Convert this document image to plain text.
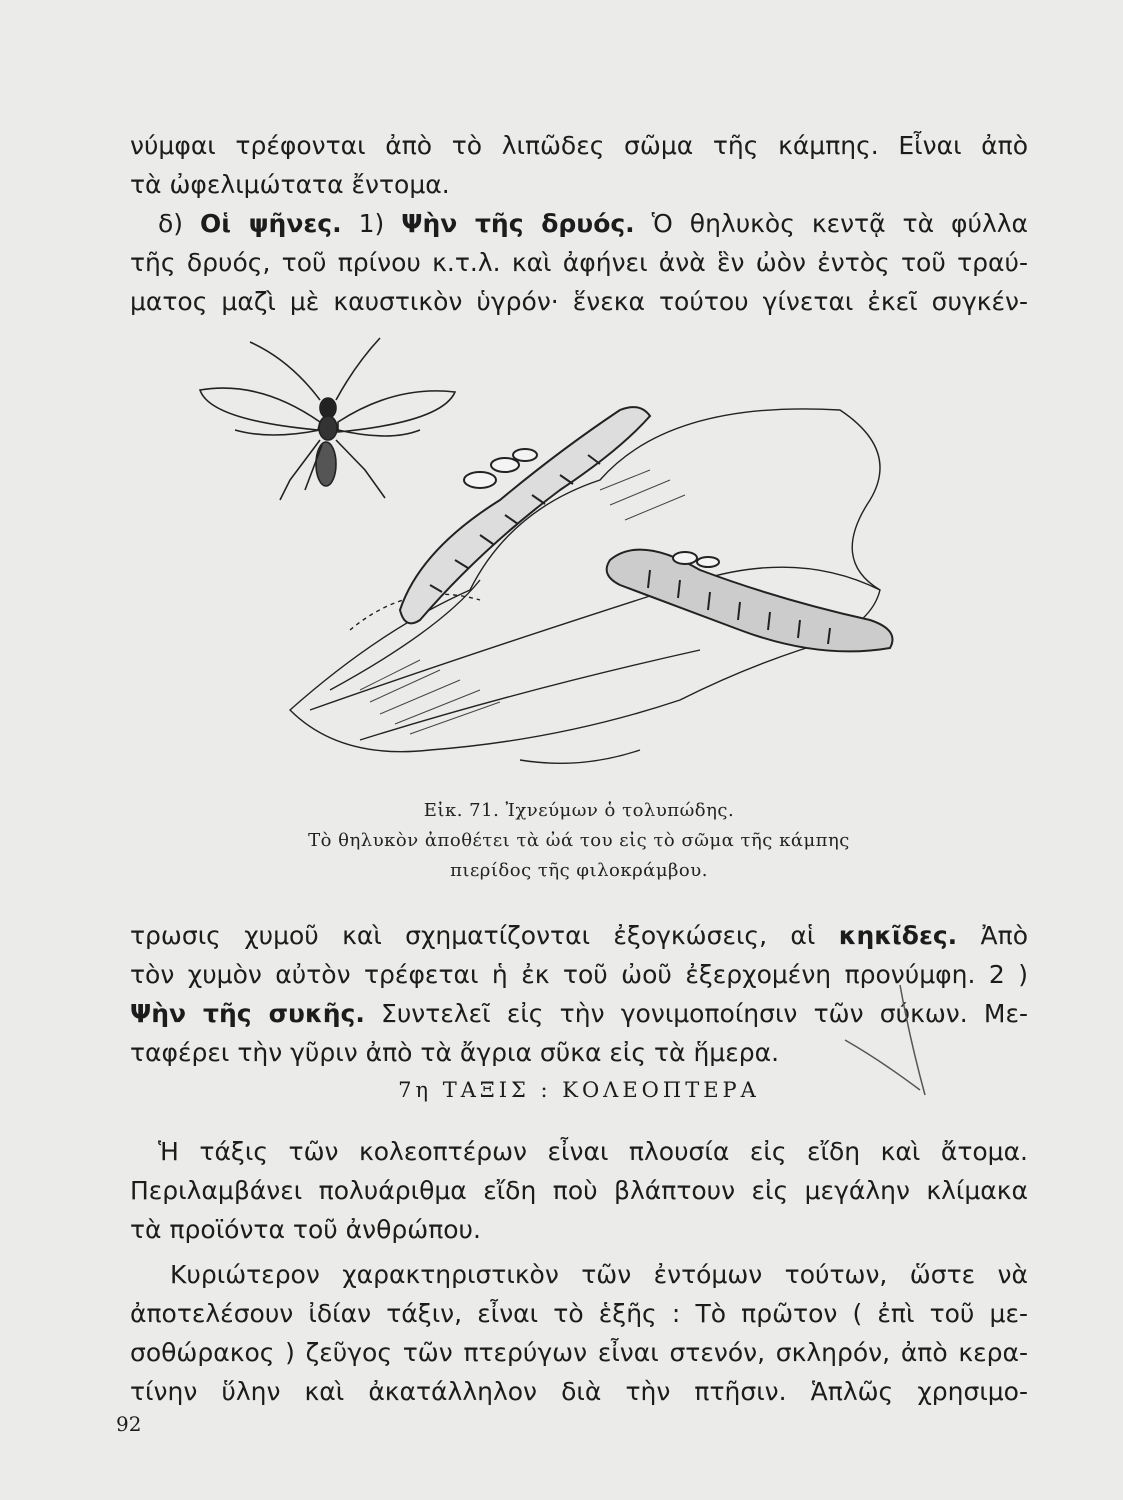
νύμφαι τρέφονται ἀπὸ τὸ λιπῶδες σῶμα τῆς κάμπης. Εἶναι ἀπὸ
τὰ ὠφελιμώτατα ἔντομα.
δ) Οἱ ψῆνες. 1) Ψὴν τῆς δρυός. Ὁ θηλυκὸς κεντᾷ τὰ φύλλα
τῆς δρυός, τοῦ πρίνου κ.τ.λ. καὶ ἀφήνει ἀνὰ ἓν ὠὸν ἐντὸς τοῦ τραύ-
ματος μαζὶ μὲ καυστικὸν ὑγρόν· ἕνεκα τούτου γίνεται ἐκεῖ συγκέν-
Εἰκ. 71. Ἰχνεύμων ὁ τολυπώδης.
Τὸ θηλυκὸν ἀποθέτει τὰ ὠά του εἰς τὸ σῶμα τῆς κάμπης
πιερίδος τῆς φιλοκράμβου.
τρωσις χυμοῦ καὶ σχηματίζονται ἐξογκώσεις, αἱ κηκῖδες. Ἀπὸ
τὸν χυμὸν αὐτὸν τρέφεται ἡ ἐκ τοῦ ὠοῦ ἐξερχομένη προνύμφη. 2 )
Ψὴν τῆς συκῆς. Συντελεῖ εἰς τὴν γονιμοποίησιν τῶν σύκων. Με-
ταφέρει τὴν γῦριν ἀπὸ τὰ ἄγρια σῦκα εἰς τὰ ἥμερα.
7η ΤΑΞΙΣ : ΚΟΛΕΟΠΤΕΡΑ
Ἡ τάξις τῶν κολεοπτέρων εἶναι πλουσία εἰς εἴδη καὶ ἄτομα.
Περιλαμβάνει πολυάριθμα εἴδη ποὺ βλάπτουν εἰς μεγάλην κλίμακα
τὰ προϊόντα τοῦ ἀνθρώπου.
Κυριώτερον χαρακτηριστικὸν τῶν ἐντόμων τούτων, ὥστε νὰ
ἀποτελέσουν ἰδίαν τάξιν, εἶναι τὸ ἑξῆς : Τὸ πρῶτον ( ἐπὶ τοῦ με-
σοθώρακος ) ζεῦγος τῶν πτερύγων εἶναι στενόν, σκληρόν, ἀπὸ κερα-
τίνην ὕλην καὶ ἀκατάλληλον διὰ τὴν πτῆσιν. Ἁπλῶς χρησιμο-
92
